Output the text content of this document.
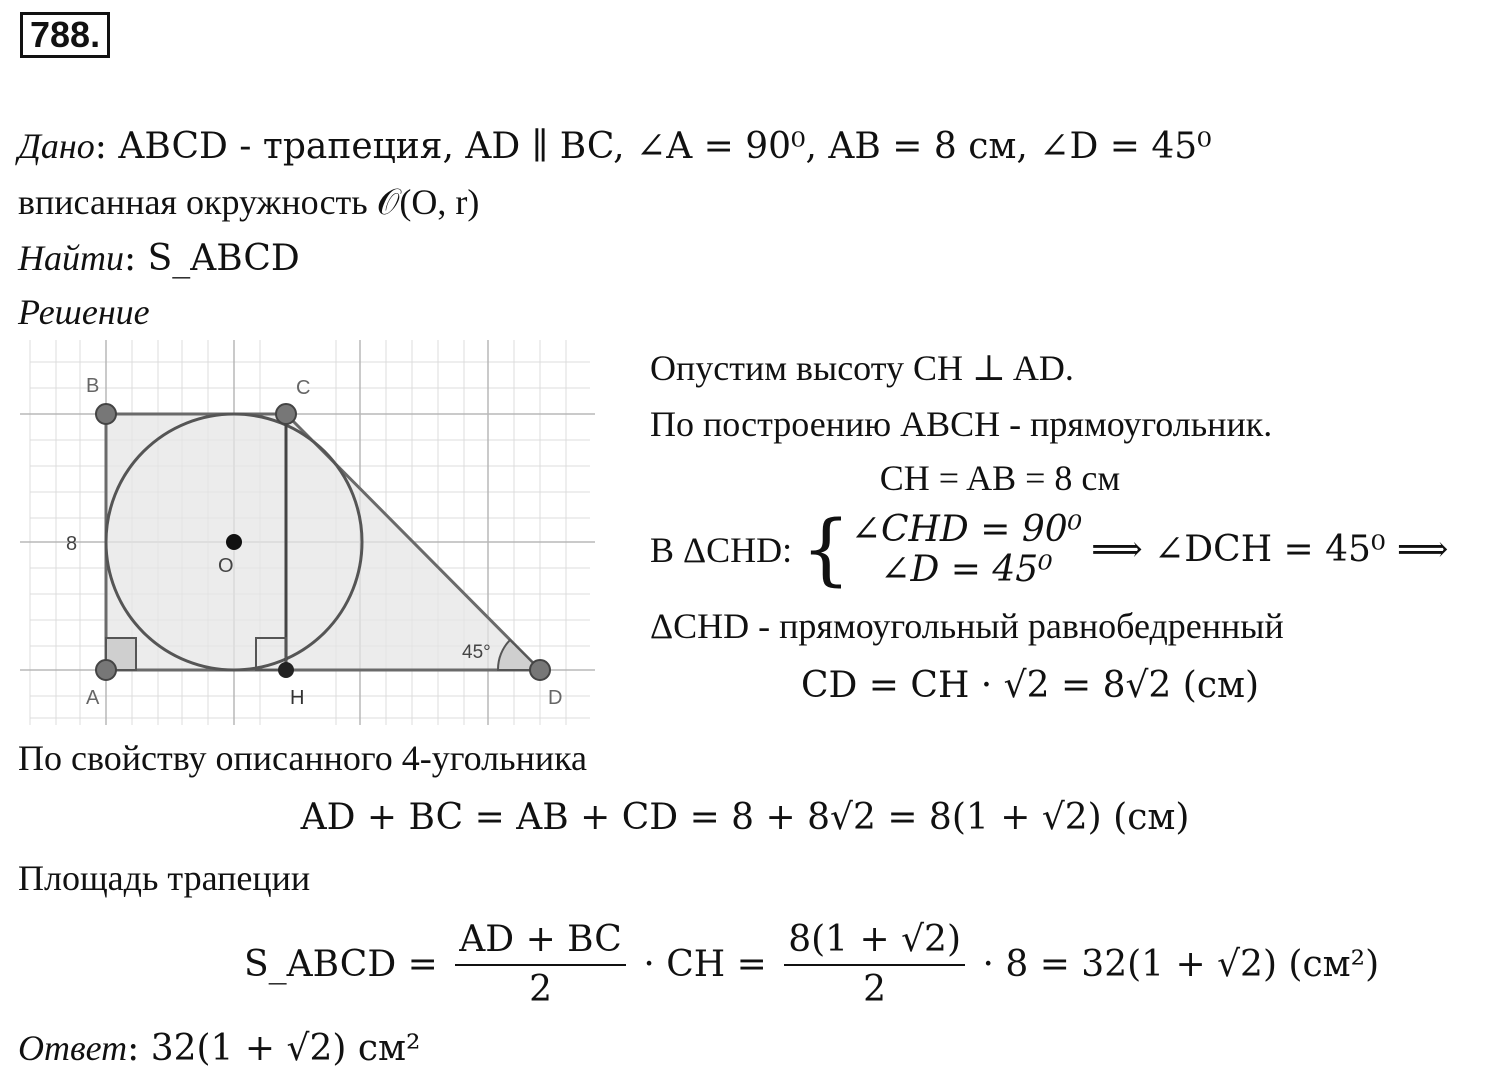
788.
Дано: ABCD - трапеция, AD ∥ BC, ∠A = 90⁰, AB = 8 см, ∠D = 45⁰
вписанная окружность 𝒪(O, r)
Найти: S_ABCD
Решение
B	C
A	H	D
O
8
45°
Опустим высоту CH ⊥ AD.
По построению ABCH - прямоугольник.
CH = AB = 8 см
В ΔCHD: { ∠CHD = 90⁰
∠D = 45⁰	⟹ ∠DCH = 45⁰ ⟹
ΔCHD - прямоугольный равнобедренный
CD = CH · √2 = 8√2 (см)
По свойству описанного 4-угольника
AD + BC = AB + CD = 8 + 8√2 = 8(1 + √2) (см)
Площадь трапеции
S_ABCD = $\frac{AD + BC}{2}$ · CH = $\frac{8(1 + √2)}{2} \cdot 8 = 32(1 + √2)$ (см²)
Ответ: 32(1 + √2) см²
